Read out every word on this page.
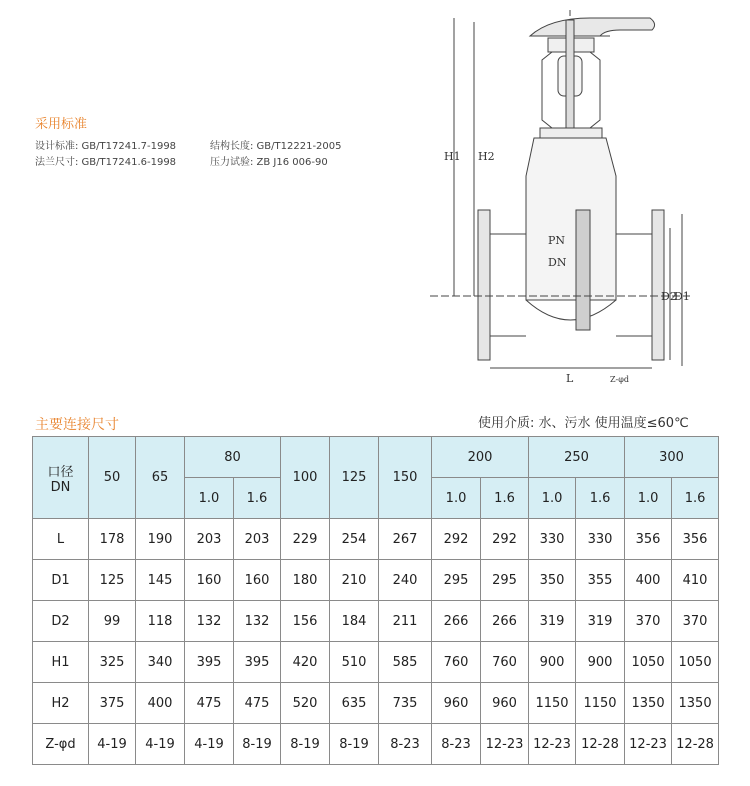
采用标准
设计标准: GB/T17241.7-1998	结构长度: GB/T12221-2005
法兰尺寸: GB/T17241.6-1998	压力试验: ZB J16 006-90	H1 H2
PN
DN
D2
D1
L	Z-φd
主要连接尺寸	使用介质: 水、污水 使用温度≤60℃
口径
DN	50	65	80		100	125	150	200		250		300	
			1.0	1.6				1.0	1.6	1.0	1.6	1.0	1.6
L	178	190	203	203	229	254	267	292	292	330	330	356	356
D1	125	145	160	160	180	210	240	295	295	350	355	400	410
D2	99	118	132	132	156	184	211	266	266	319	319	370	370
H1	325	340	395	395	420	510	585	760	760	900	900	1050	1050
H2	375	400	475	475	520	635	735	960	960	1150	1150	1350	1350
Z-φd	4-19	4-19	4-19	8-19	8-19	8-19	8-23	8-23	12-23	12-23	12-28	12-23	12-28
